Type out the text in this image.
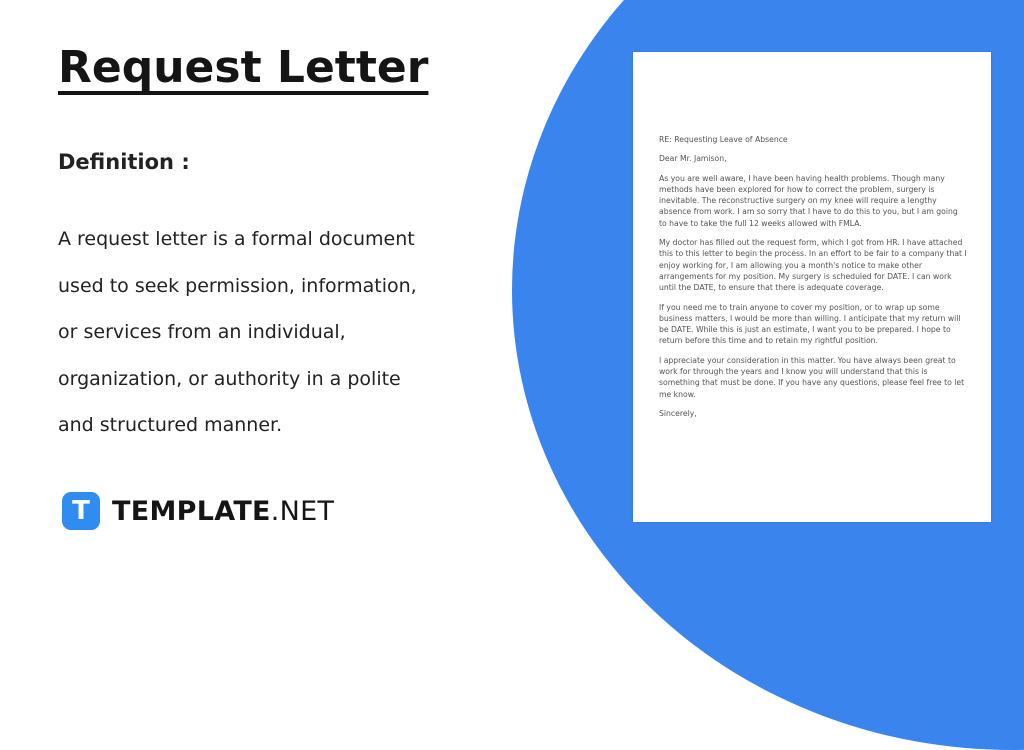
Request Letter
Definition :
A request letter is a formal document
used to seek permission, information,
or services from an individual,
organization, or authority in a polite
and structured manner.
T TEMPLATE.NET
RE: Requesting Leave of Absence
Dear Mr. Jamison,
As you are well aware, I have been having health problems. Though many
methods have been explored for how to correct the problem, surgery is
inevitable. The reconstructive surgery on my knee will require a lengthy
absence from work. I am so sorry that I have to do this to you, but I am going
to have to take the full 12 weeks allowed with FMLA.
My doctor has filled out the request form, which I got from HR. I have attached
this to this letter to begin the process. In an effort to be fair to a company that I
enjoy working for, I am allowing you a month's notice to make other
arrangements for my position. My surgery is scheduled for DATE. I can work
until the DATE, to ensure that there is adequate coverage.
If you need me to train anyone to cover my position, or to wrap up some
business matters, I would be more than willing. I anticipate that my return will
be DATE. While this is just an estimate, I want you to be prepared. I hope to
return before this time and to retain my rightful position.
I appreciate your consideration in this matter. You have always been great to
work for through the years and I know you will understand that this is
something that must be done. If you have any questions, please feel free to let
me know.
Sincerely,
